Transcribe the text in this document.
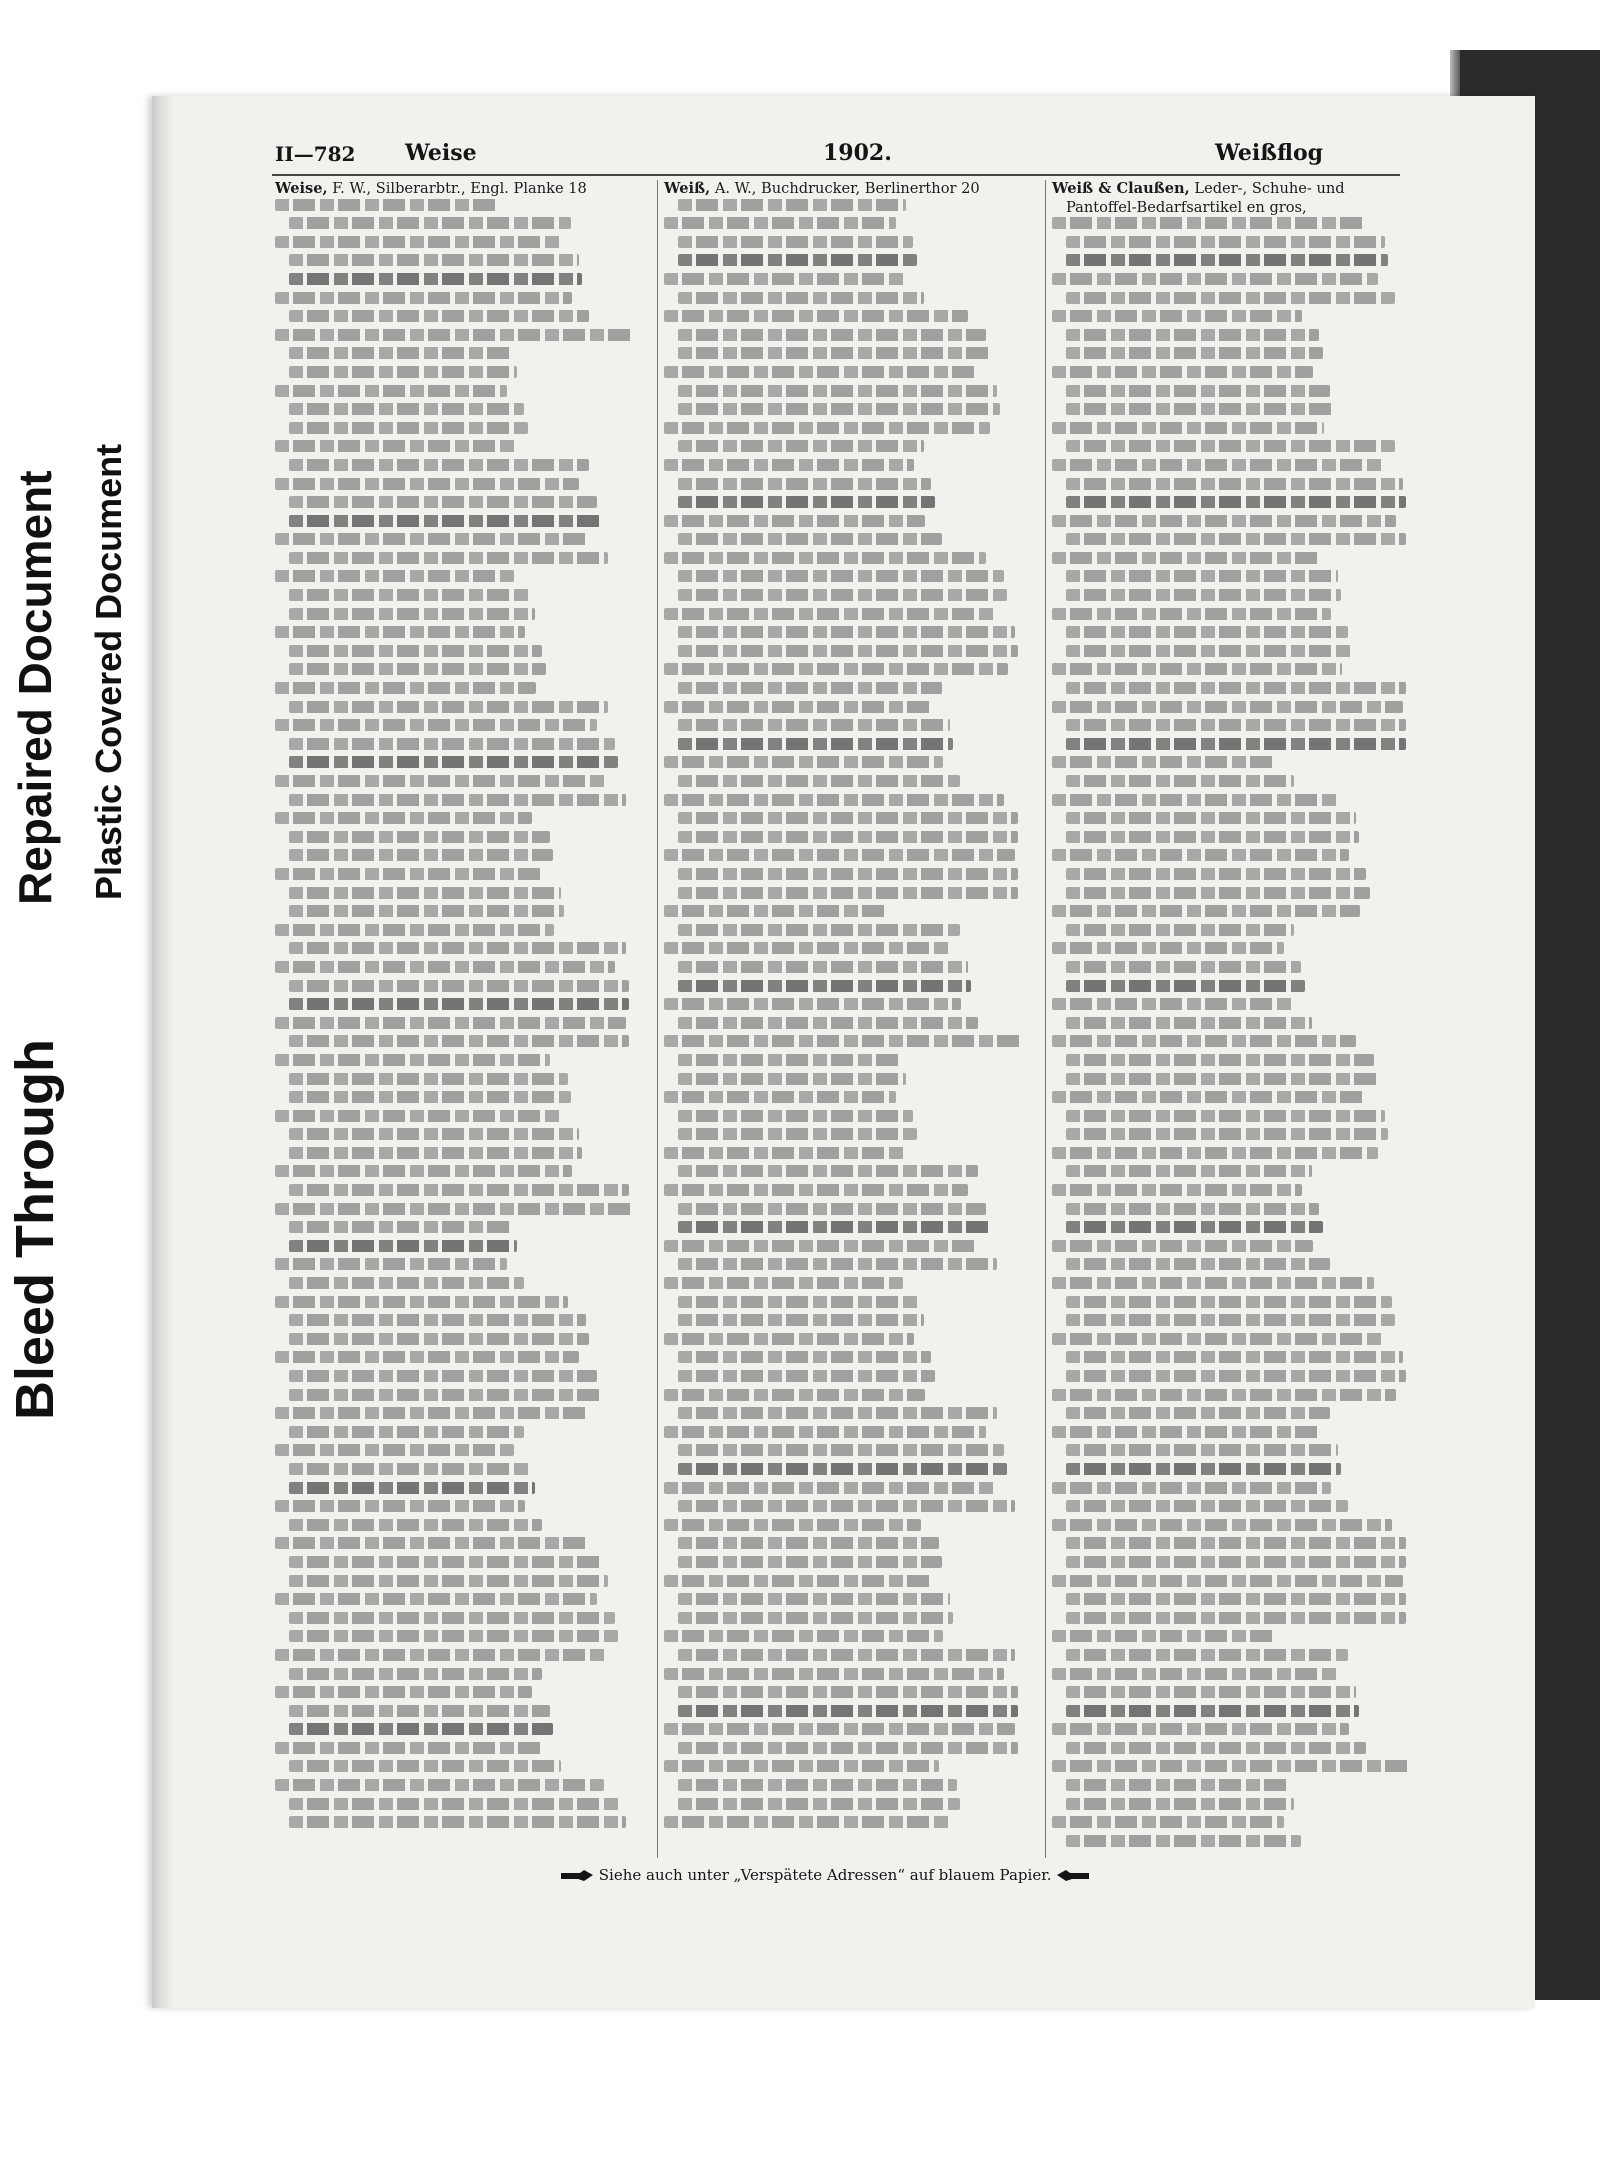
Bleed Through
Repaired Document Plastic Covered Document
II—782 Weise	1902.	Weißflog

Weise, F. W., Silberarbtr., Engl. Planke 18	Weiß, A. W., Buchdrucker, Berlinerthor 20	Weiß & Claußen, Leder-, Schuhe- und Pantoffel-Bedarfsartikel en gros,

Siehe auch unter „Verspätete Adressen“ auf blauem Papier.
